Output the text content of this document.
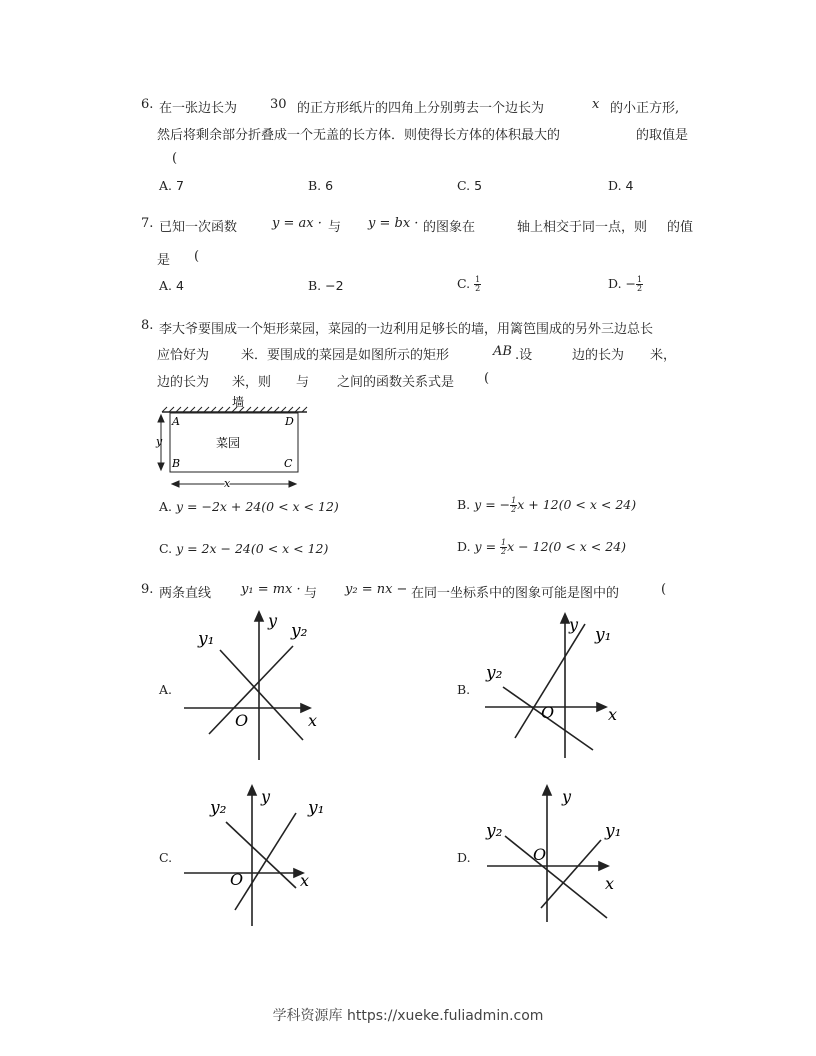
6. 在一张边长为	30 的正方形纸片的四角上分别剪去一个边长为	x 的小正方形,
然后将剩余部分折叠成一个无盖的长方体．则使得长方体的体积最大的	的取值是
(
A. 7	B. 6	C. 5	D. 4
7. 已知一次函数	y = ax · 与 y = bx · 的图象在	轴上相交于同一点，则 的值
是 (
A. 4	B. −2	C. $\frac{1}{2}$	D. − $\frac{1}{2}$
8. 李大爷要围成一个矩形菜园，菜园的一边利用足够长的墙，用篱笆围成的另外三边总长
应恰好为 米．要围成的菜园是如图所示的矩形	AB .设	边的长为 米，
边的长为 米，则 与 之间的函数关系式是 (
墙
A	D
B	C
菜园
y
x
A. y = −2x + 24(0 < x < 12)	B. y = − $\frac{1}{2}$ x + 12(0 < x < 24)
C. y = 2x − 24(0 < x < 12)	D. $y = \frac{1}{2}$ x − 12(0 < x < 24)
9. 两条直线 y₁ = mx · 与 y₂ = nx − 在同一坐标系中的图象可能是图中的	(
A.
y
x
O
y₁	y₂
B.
y
x
O
y₁
y₂
C.
y
x
O
y₁
y₂
D.
y
x
O
y₁
y₂
学科资源库 https://xueke.fuliadmin.com
